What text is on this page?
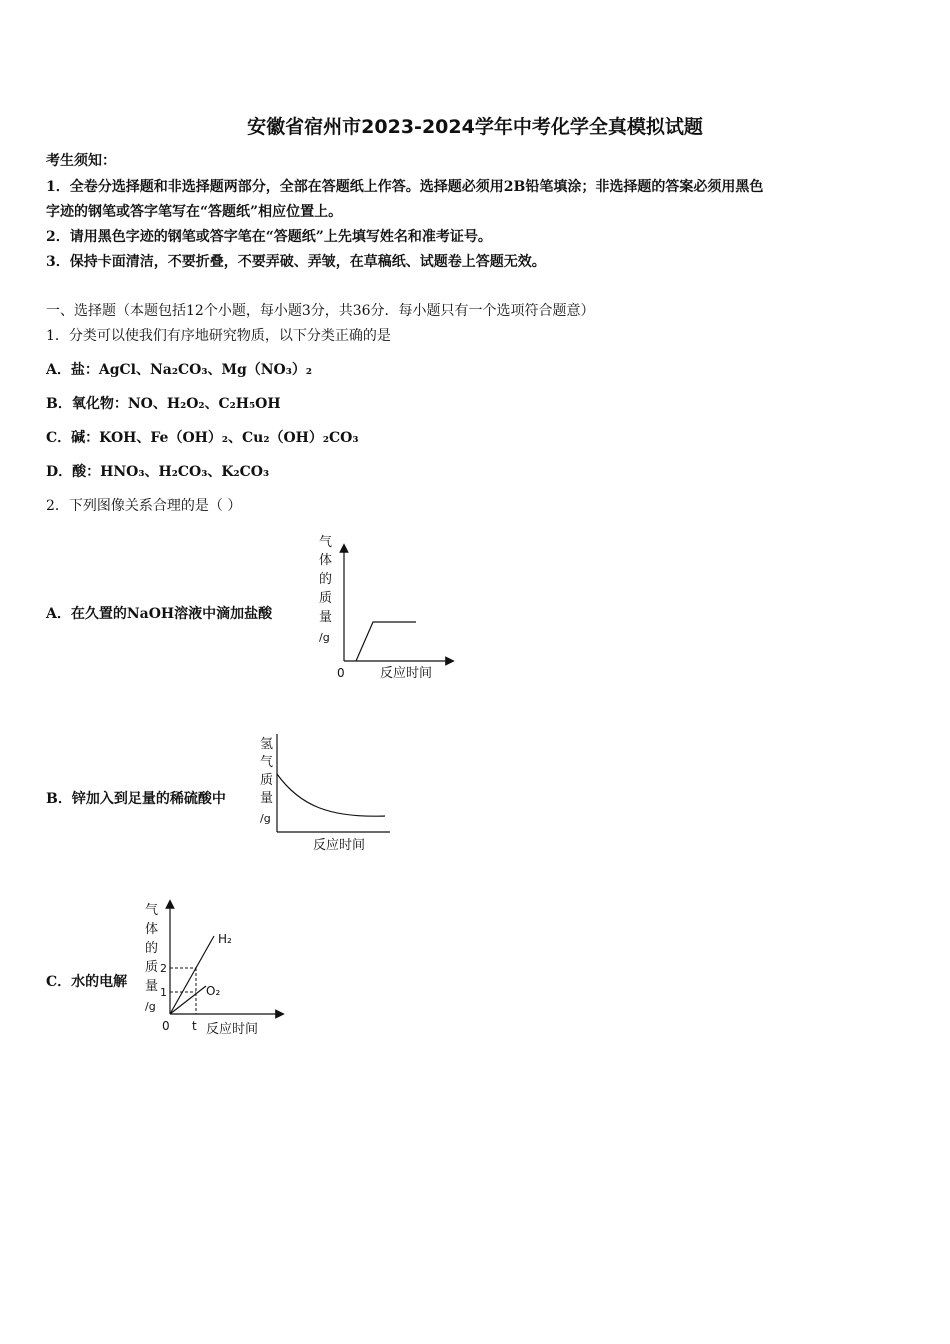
安徽省宿州市2023-2024学年中考化学全真模拟试题
考生须知：
1．全卷分选择题和非选择题两部分，全部在答题纸上作答。选择题必须用2B铅笔填涂；非选择题的答案必须用黑色
字迹的钢笔或答字笔写在“答题纸”相应位置上。
2．请用黑色字迹的钢笔或答字笔在“答题纸”上先填写姓名和准考证号。
3．保持卡面清洁，不要折叠，不要弄破、弄皱，在草稿纸、试题卷上答题无效。
一、选择题（本题包括12个小题，每小题3分，共36分．每小题只有一个选项符合题意）
1．分类可以使我们有序地研究物质，以下分类正确的是
A．盐：AgCl、Na₂CO₃、Mg（NO₃）₂
B．氧化物：NO、H₂O₂、C₂H₅OH
C．碱：KOH、Fe（OH）₂、Cu₂（OH）₂CO₃
D．酸：HNO₃、H₂CO₃、K₂CO₃
2．下列图像关系合理的是（ ）
A．在久置的NaOH溶液中滴加盐酸
气
体
的
质
量
/g
0	反应时间
B．锌加入到足量的稀硫酸中
氢
气
质
量
/g
反应时间
C．水的电解
气
体
的
质
量
/g
2
1
H₂
O₂
0 t 反应时间
